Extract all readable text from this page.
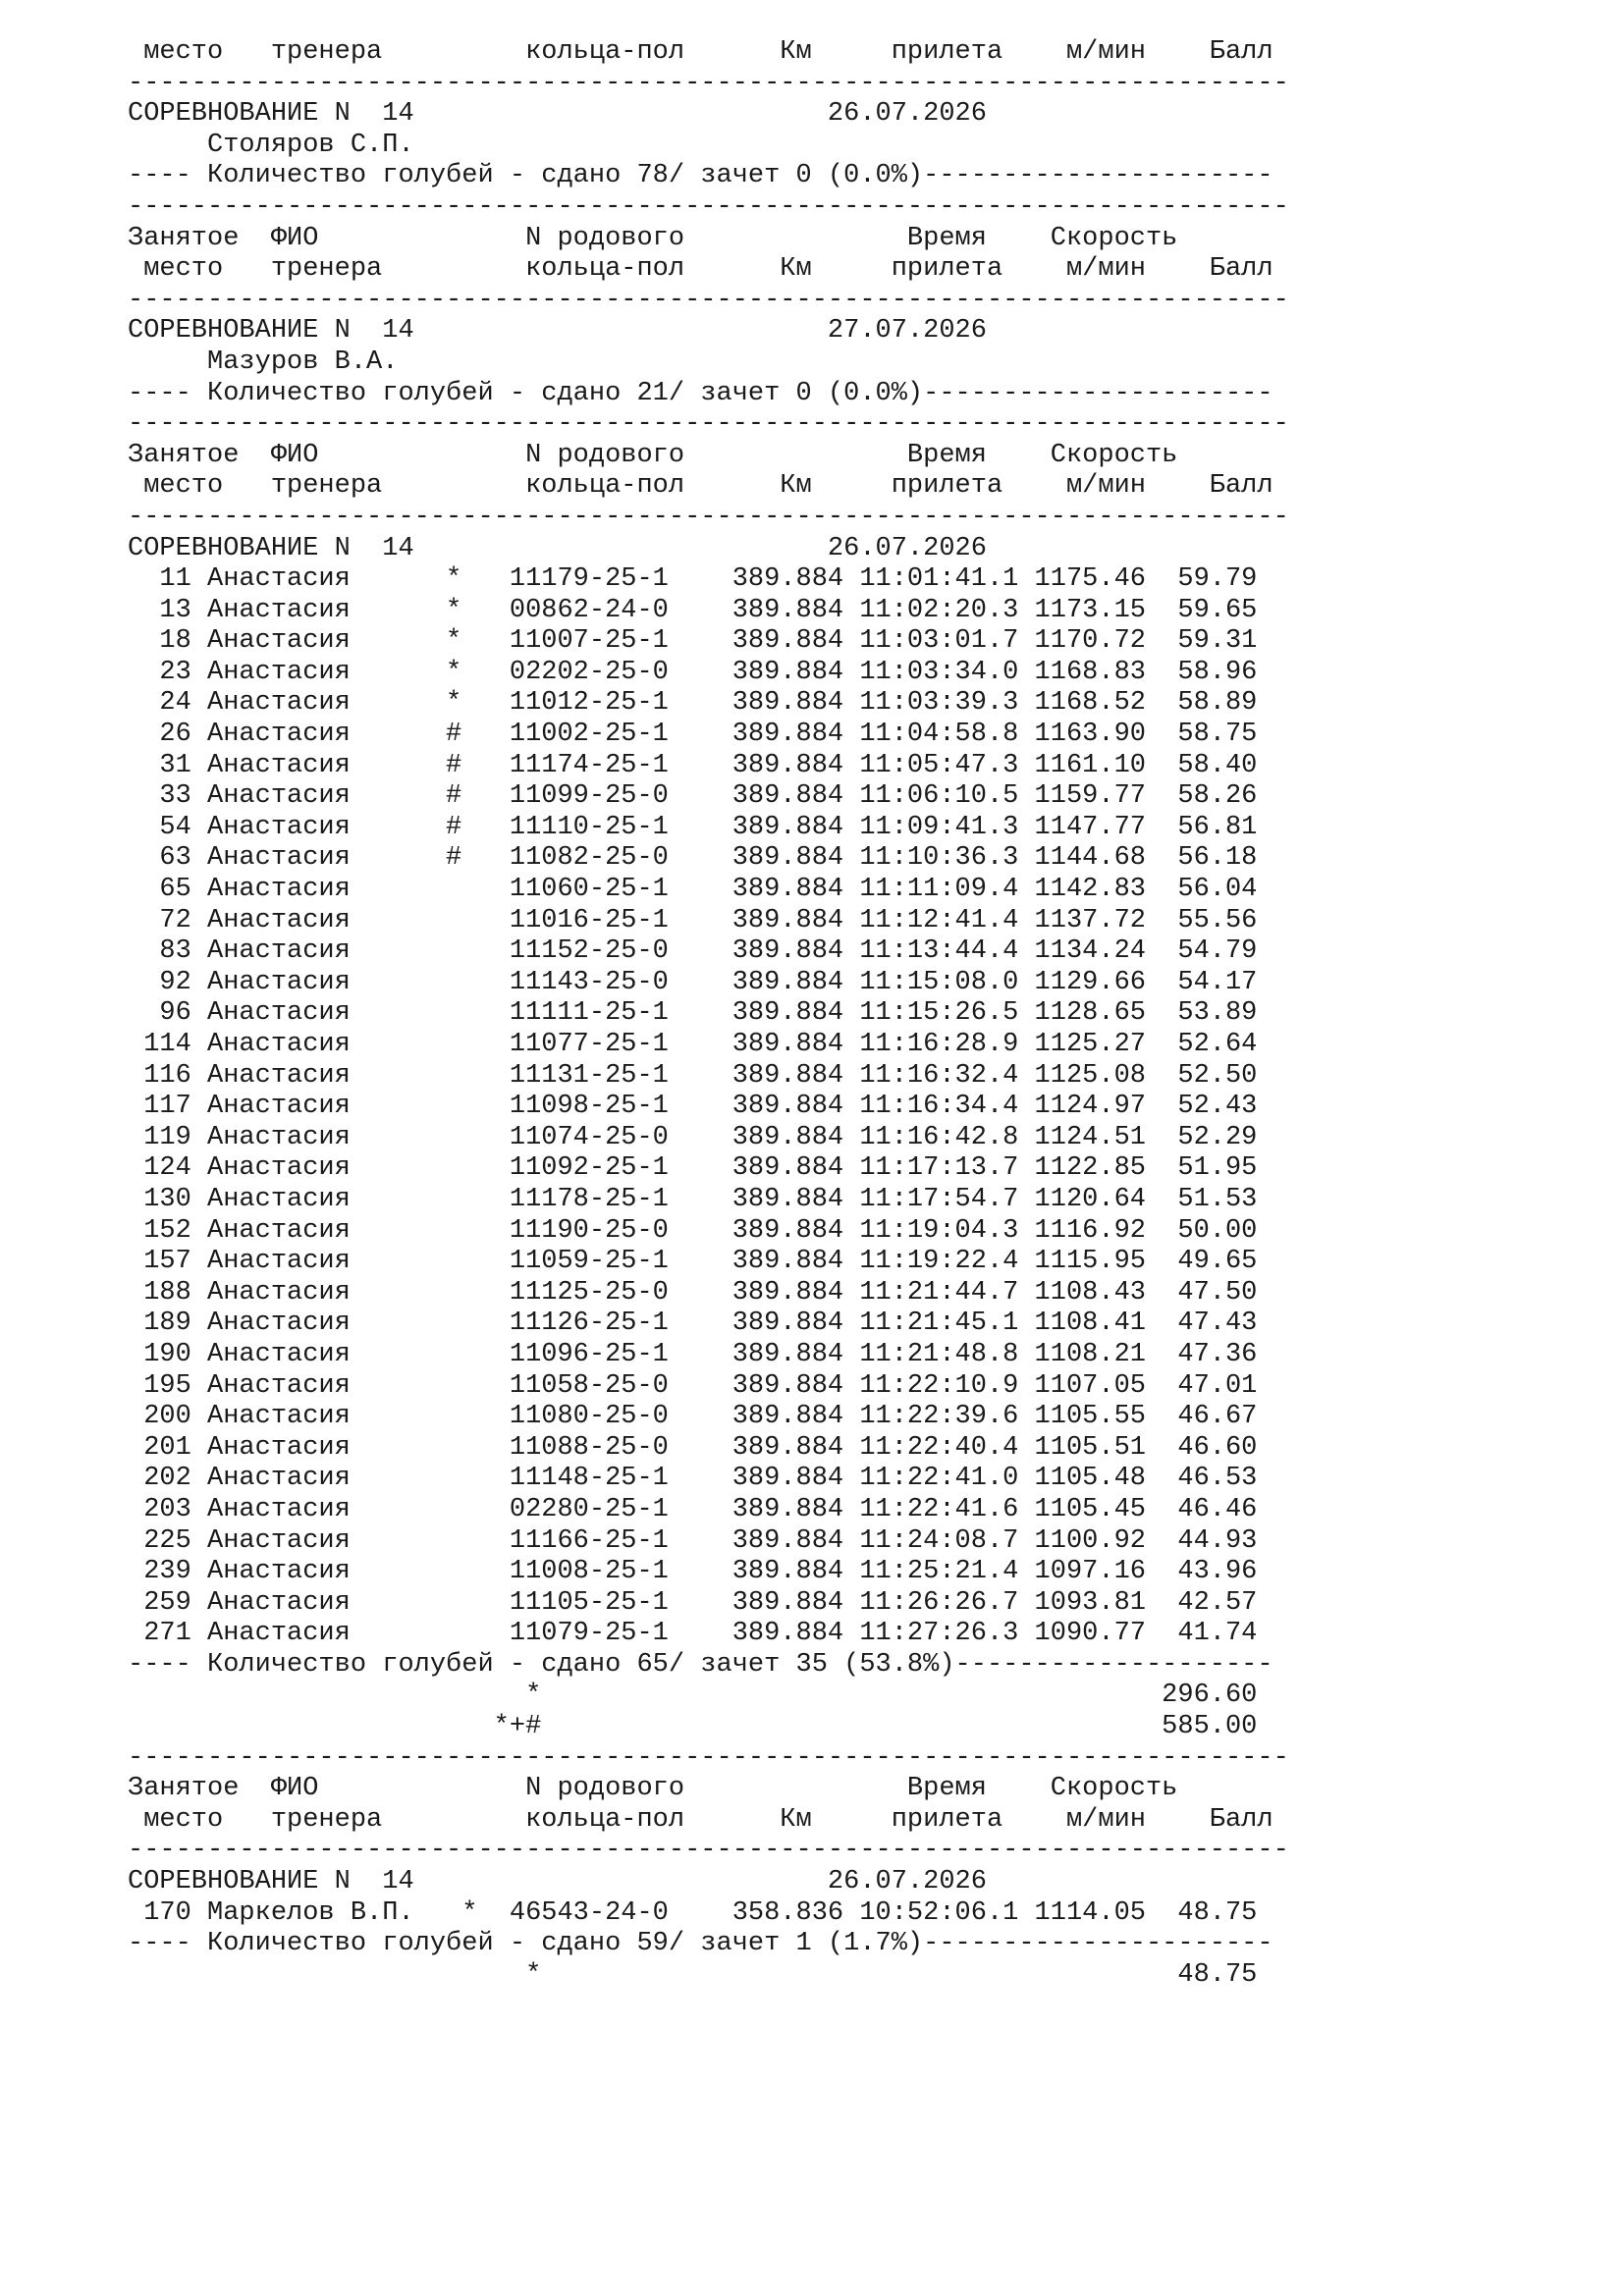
место   тренера         кольца-пол      Км     прилета    м/мин    Балл
-------------------------------------------------------------------------
СОРЕВНОВАНИЕ N  14                          26.07.2026
Столяров С.П.
---- Количество голубей - сдано 78/ зачет 0 (0.0%)----------------------
-------------------------------------------------------------------------
Занятое  ФИО             N родового              Время    Скорость
место   тренера         кольца-пол      Км     прилета    м/мин    Балл
-------------------------------------------------------------------------
СОРЕВНОВАНИЕ N  14                          27.07.2026
Мазуров В.А.
---- Количество голубей - сдано 21/ зачет 0 (0.0%)----------------------
-------------------------------------------------------------------------
Занятое  ФИО             N родового              Время    Скорость
место   тренера         кольца-пол      Км     прилета    м/мин    Балл
-------------------------------------------------------------------------
СОРЕВНОВАНИЕ N  14                          26.07.2026
11 Анастасия      *   11179-25-1    389.884 11:01:41.1 1175.46  59.79
13 Анастасия      *   00862-24-0    389.884 11:02:20.3 1173.15  59.65
18 Анастасия      *   11007-25-1    389.884 11:03:01.7 1170.72  59.31
23 Анастасия      *   02202-25-0    389.884 11:03:34.0 1168.83  58.96
24 Анастасия      *   11012-25-1    389.884 11:03:39.3 1168.52  58.89
26 Анастасия      #   11002-25-1    389.884 11:04:58.8 1163.90  58.75
31 Анастасия      #   11174-25-1    389.884 11:05:47.3 1161.10  58.40
33 Анастасия      #   11099-25-0    389.884 11:06:10.5 1159.77  58.26
54 Анастасия      #   11110-25-1    389.884 11:09:41.3 1147.77  56.81
63 Анастасия      #   11082-25-0    389.884 11:10:36.3 1144.68  56.18
65 Анастасия          11060-25-1    389.884 11:11:09.4 1142.83  56.04
72 Анастасия          11016-25-1    389.884 11:12:41.4 1137.72  55.56
83 Анастасия          11152-25-0    389.884 11:13:44.4 1134.24  54.79
92 Анастасия          11143-25-0    389.884 11:15:08.0 1129.66  54.17
96 Анастасия          11111-25-1    389.884 11:15:26.5 1128.65  53.89
114 Анастасия          11077-25-1    389.884 11:16:28.9 1125.27  52.64
116 Анастасия          11131-25-1    389.884 11:16:32.4 1125.08  52.50
117 Анастасия          11098-25-1    389.884 11:16:34.4 1124.97  52.43
119 Анастасия          11074-25-0    389.884 11:16:42.8 1124.51  52.29
124 Анастасия          11092-25-1    389.884 11:17:13.7 1122.85  51.95
130 Анастасия          11178-25-1    389.884 11:17:54.7 1120.64  51.53
152 Анастасия          11190-25-0    389.884 11:19:04.3 1116.92  50.00
157 Анастасия          11059-25-1    389.884 11:19:22.4 1115.95  49.65
188 Анастасия          11125-25-0    389.884 11:21:44.7 1108.43  47.50
189 Анастасия          11126-25-1    389.884 11:21:45.1 1108.41  47.43
190 Анастасия          11096-25-1    389.884 11:21:48.8 1108.21  47.36
195 Анастасия          11058-25-0    389.884 11:22:10.9 1107.05  47.01
200 Анастасия          11080-25-0    389.884 11:22:39.6 1105.55  46.67
201 Анастасия          11088-25-0    389.884 11:22:40.4 1105.51  46.60
202 Анастасия          11148-25-1    389.884 11:22:41.0 1105.48  46.53
203 Анастасия          02280-25-1    389.884 11:22:41.6 1105.45  46.46
225 Анастасия          11166-25-1    389.884 11:24:08.7 1100.92  44.93
239 Анастасия          11008-25-1    389.884 11:25:21.4 1097.16  43.96
259 Анастасия          11105-25-1    389.884 11:26:26.7 1093.81  42.57
271 Анастасия          11079-25-1    389.884 11:27:26.3 1090.77  41.74
---- Количество голубей - сдано 65/ зачет 35 (53.8%)--------------------
*                                       296.60
*+#                                       585.00
-------------------------------------------------------------------------
Занятое  ФИО             N родового              Время    Скорость
место   тренера         кольца-пол      Км     прилета    м/мин    Балл
-------------------------------------------------------------------------
СОРЕВНОВАНИЕ N  14                          26.07.2026
170 Маркелов В.П.   *  46543-24-0    358.836 10:52:06.1 1114.05  48.75
---- Количество голубей - сдано 59/ зачет 1 (1.7%)----------------------
*                                        48.75
